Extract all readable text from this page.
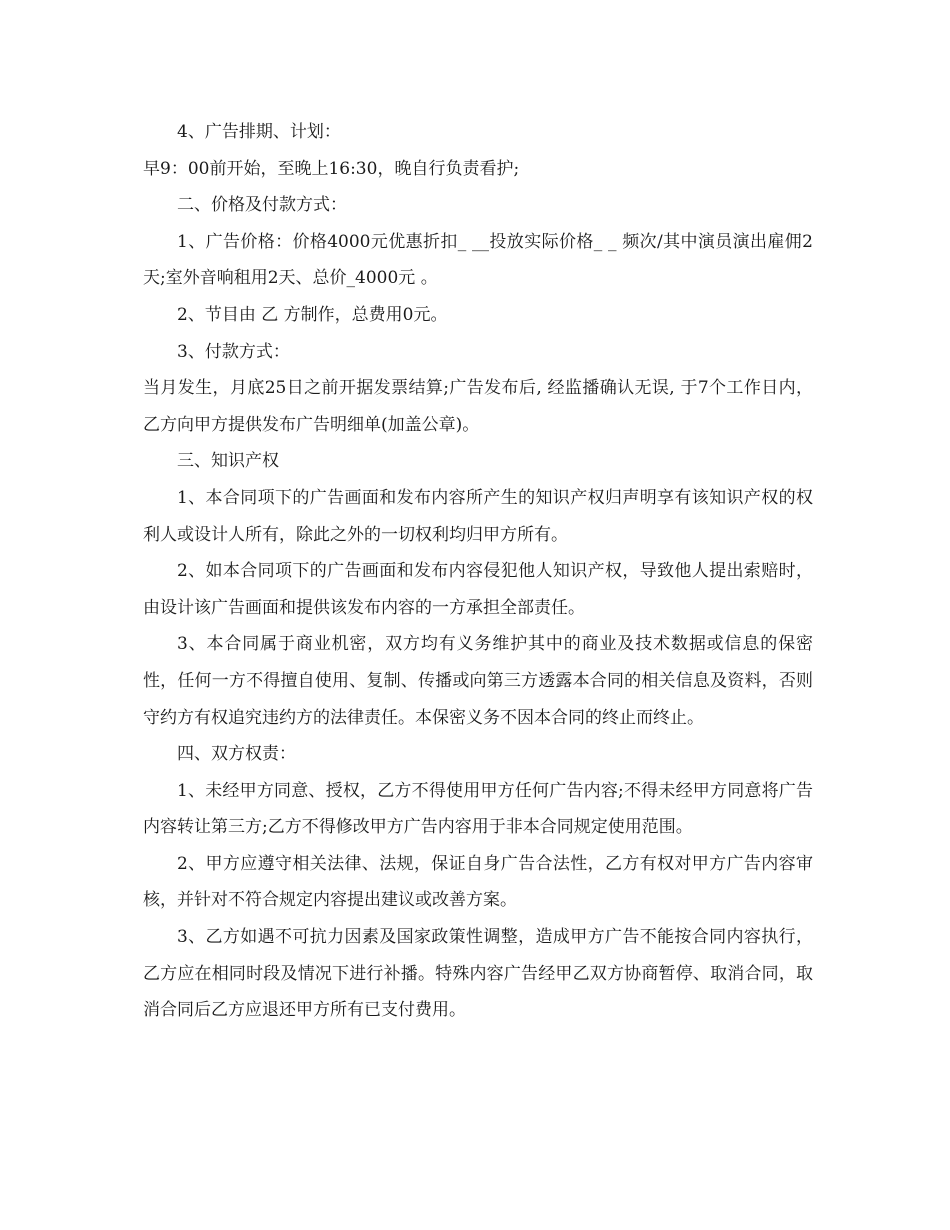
4、广告排期、计划：

早9：00前开始，至晚上16:30，晚自行负责看护;

二、价格及付款方式：

1、广告价格：价格4000元优惠折扣_ __投放实际价格_ _ 频次/其中演员演出雇佣2天;室外音响租用2天、总价_4000元 。

2、节目由 乙 方制作，总费用0元。

3、付款方式：

当月发生，月底25日之前开据发票结算;广告发布后, 经监播确认无误, 于7个工作日内，乙方向甲方提供发布广告明细单(加盖公章)。

三、知识产权

1、本合同项下的广告画面和发布内容所产生的知识产权归声明享有该知识产权的权利人或设计人所有，除此之外的一切权利均归甲方所有。

2、如本合同项下的广告画面和发布内容侵犯他人知识产权，导致他人提出索赔时，由设计该广告画面和提供该发布内容的一方承担全部责任。

3、本合同属于商业机密，双方均有义务维护其中的商业及技术数据或信息的保密性，任何一方不得擅自使用、复制、传播或向第三方透露本合同的相关信息及资料，否则守约方有权追究违约方的法律责任。本保密义务不因本合同的终止而终止。

四、双方权责：

1、未经甲方同意、授权，乙方不得使用甲方任何广告内容;不得未经甲方同意将广告内容转让第三方;乙方不得修改甲方广告内容用于非本合同规定使用范围。

2、甲方应遵守相关法律、法规，保证自身广告合法性，乙方有权对甲方广告内容审核，并针对不符合规定内容提出建议或改善方案。

3、乙方如遇不可抗力因素及国家政策性调整，造成甲方广告不能按合同内容执行，乙方应在相同时段及情况下进行补播。特殊内容广告经甲乙双方协商暂停、取消合同，取消合同后乙方应退还甲方所有已支付费用。
